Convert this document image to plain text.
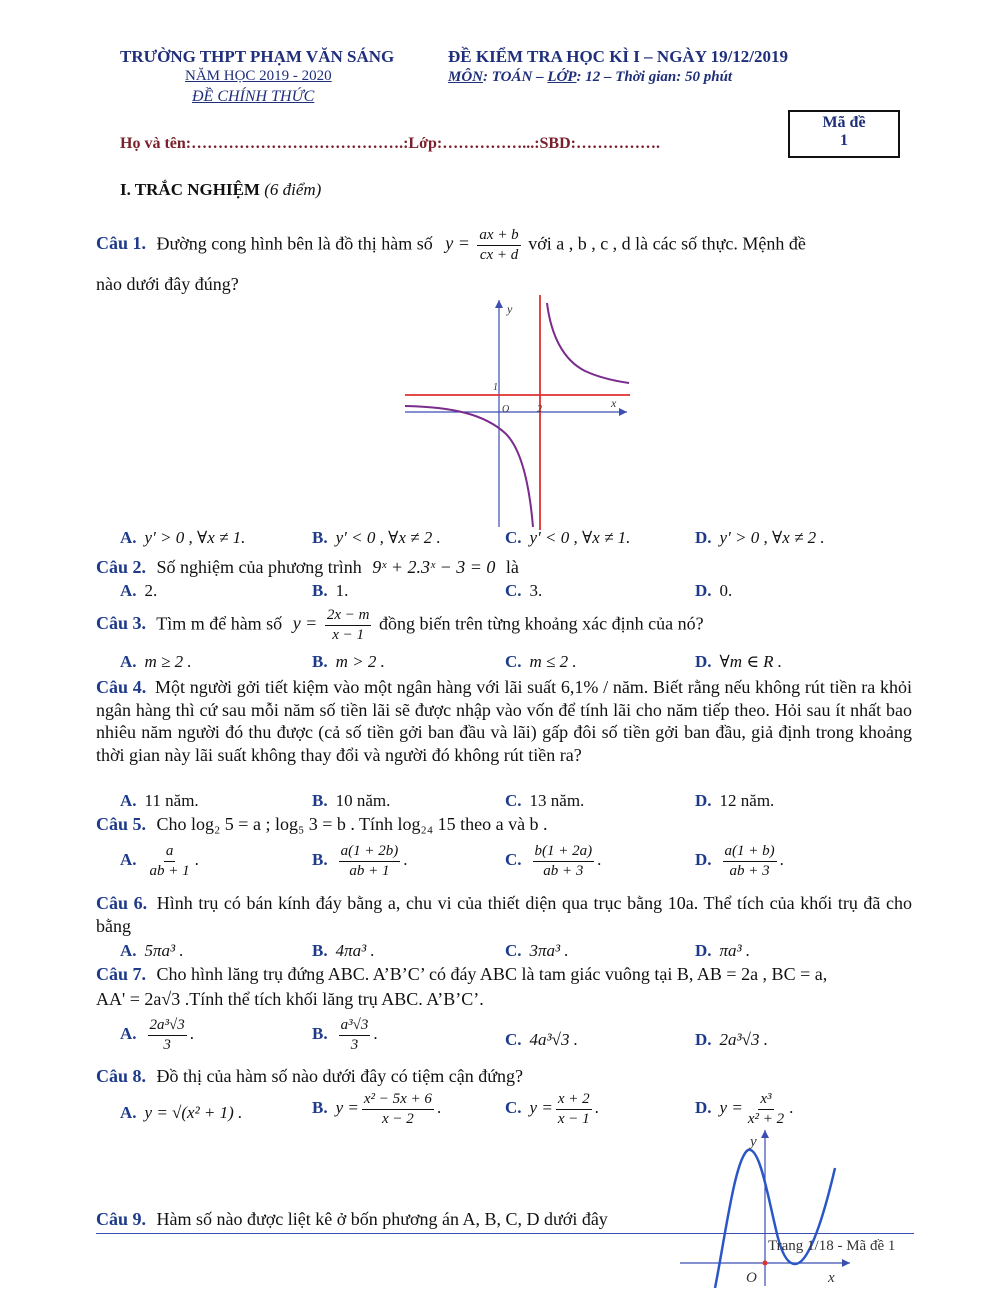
TRƯỜNG THPT PHẠM VĂN SÁNG
NĂM HỌC 2019 - 2020
ĐỀ CHÍNH THỨC
ĐỀ KIỂM TRA HỌC KÌ I – NGÀY 19/12/2019
MÔN: TOÁN – LỚP: 12 – Thời gian: 50 phút
Họ và tên:………………………………….:Lớp:……………...:SBD:…………….
Mã đề
1
I. TRẮC NGHIỆM (6 điểm)
Câu 1. Đường cong hình bên là đồ thị hàm số $y = \frac{ax + b}{cx + d}$ với a , b , c , d là các số thực. Mệnh đề
nào dưới đây đúng?
y
x
O	2
1
A. y′ > 0 , ∀x ≠ 1.	B. y′ < 0 , ∀x ≠ 2 .	C. y′ < 0 , ∀x ≠ 1.	D. y′ > 0 , ∀x ≠ 2 .
Câu 2. Số nghiệm của phương trình 9ˣ + 2.3ˣ − 3 = 0 là
A. 2.	B. 1.	C. 3.	D. 0.
Câu 3. Tìm m để hàm số $y = \frac{2x - m}{x - 1}$ đồng biến trên từng khoảng xác định của nó?
A. m ≥ 2 .	B. m > 2 .	C. m ≤ 2 .	D. ∀m ∈ R .
Câu 4. Một người gởi tiết kiệm vào một ngân hàng với lãi suất 6,1% / năm. Biết rằng nếu không rút tiền ra khỏi ngân hàng thì cứ sau mỗi năm số tiền lãi sẽ được nhập vào vốn để tính lãi cho năm tiếp theo. Hỏi sau ít nhất bao nhiêu năm người đó thu được (cả số tiền gởi ban đầu và lãi) gấp đôi số tiền gởi ban đầu, giả định trong khoảng thời gian này lãi suất không thay đổi và người đó không rút tiền ra?
A. 11 năm.	B. 10 năm.	C. 13 năm.	D. 12 năm.
Câu 5. Cho log₂ 5 = a ; log₅ 3 = b . Tính log₂₄ 15 theo a và b .
A. $\frac{a}{ab + 1}$ .	B. $\frac{a(1 + 2b)}{ab + 1}$ .	C. $\frac{b(1 + 2a)}{ab + 3}$ .	D. $\frac{a(1 + b)}{ab + 3}$ .
Câu 6. Hình trụ có bán kính đáy bằng a, chu vi của thiết diện qua trục bằng 10a. Thể tích của khối trụ đã cho bằng
A. 5πa³ .	B. 4πa³ .	C. 3πa³ .	D. πa³ .
Câu 7. Cho hình lăng trụ đứng ABC. A’B’C’ có đáy ABC là tam giác vuông tại B, AB = 2a , BC = a,
AA' = 2a√3 .Tính thể tích khối lăng trụ ABC. A’B’C’.
A. $\frac{\text{2a³√3}}{3}$ .	B. $\frac{\text{a³√3}}{3}$ .	C. 4a³√3 .	D. 2a³√3 .
Câu 8. Đồ thị của hàm số nào dưới đây có tiệm cận đứng?
A. y = √(x² + 1) .	B. $y = \frac{\text{x² − 5x + 6}}{x - 2}$ .	C. $y = \frac{x + 2}{x - 1}$ .	D. $y = \frac{\text{x³}}{\text{x² + 2}}$ .
y
x
O
Câu 9. Hàm số nào được liệt kê ở bốn phương án A, B, C, D dưới đây
Trang 1/18 - Mã đề 1
